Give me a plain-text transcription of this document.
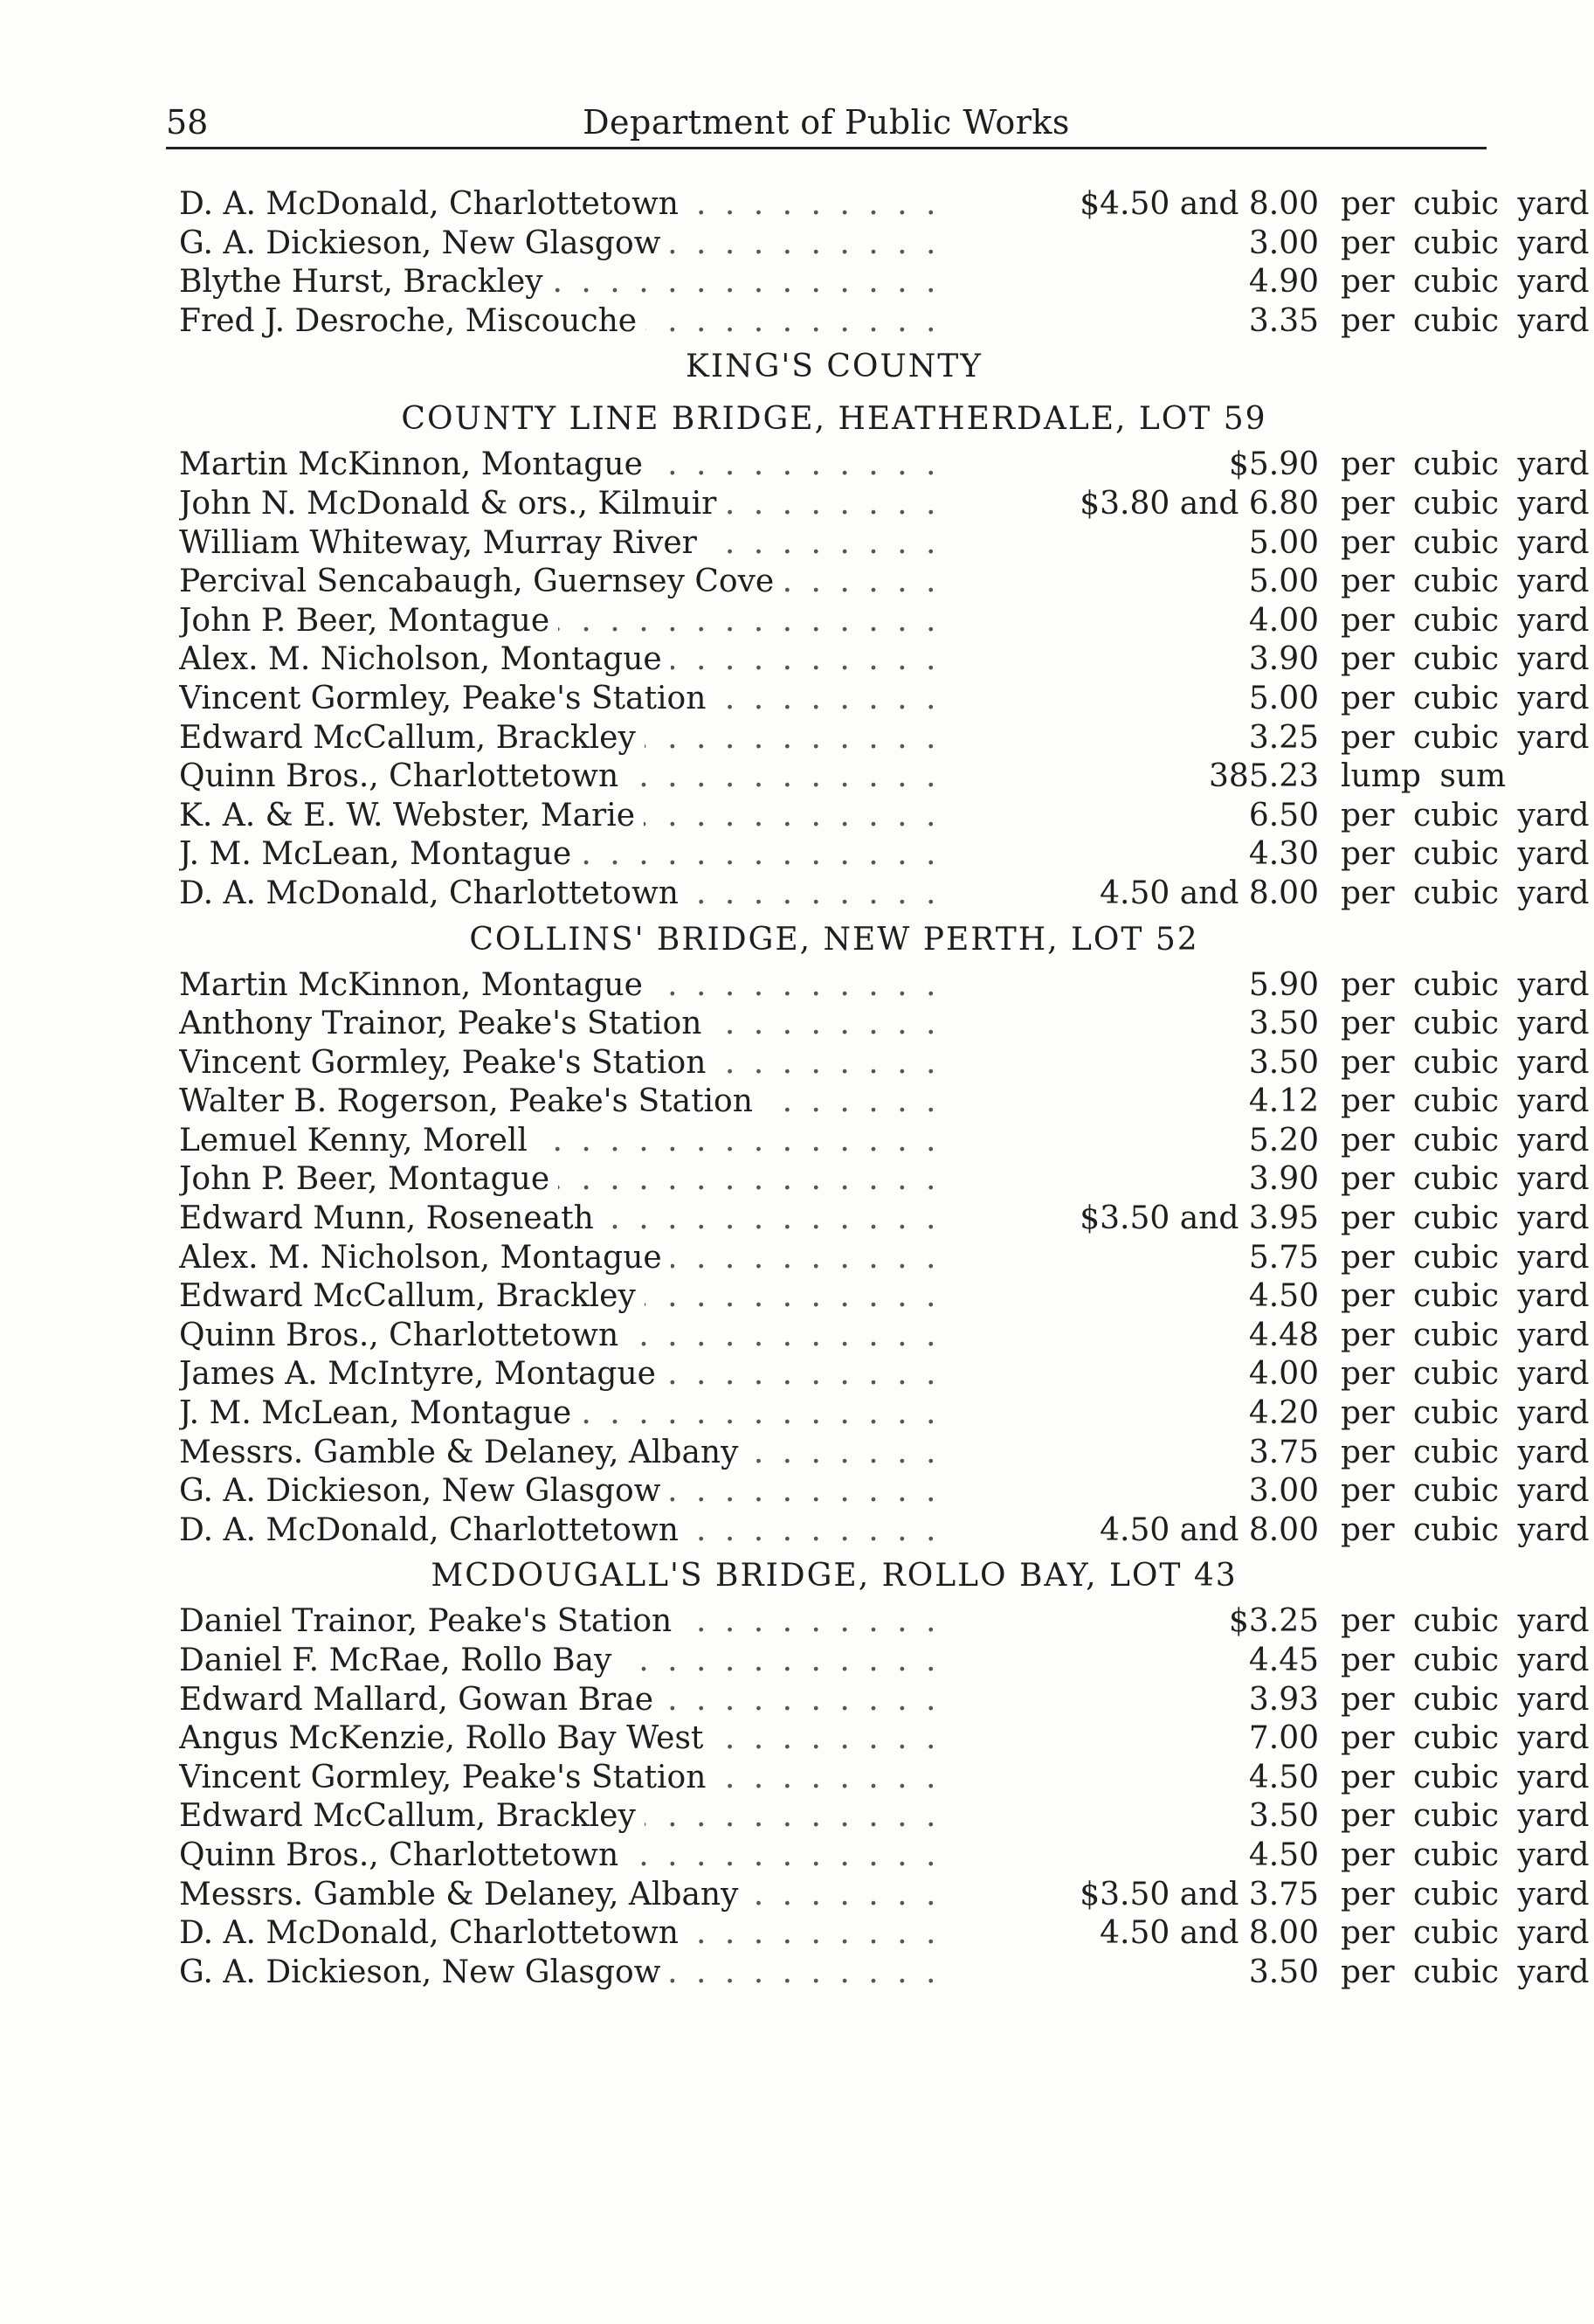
58	Department of Public Works
. . .
D. A. McDonald, Charlottetown	$4.50 and 8.00 per cubic yard
. . .
G. A. Dickieson, New Glasgow	3.00 per cubic yard
. . .
Blythe Hurst, Brackley	4.90 per cubic yard
. . .
Fred J. Desroche, Miscouche	3.35 per cubic yard
KING'S COUNTY
COUNTY LINE BRIDGE, HEATHERDALE, LOT 59
. . .
Martin McKinnon, Montague	$5.90 per cubic yard
. . .
John N. McDonald & ors., Kilmuir	$3.80 and 6.80 per cubic yard
. . .
William Whiteway, Murray River	5.00 per cubic yard
. . .
Percival Sencabaugh, Guernsey Cove	5.00 per cubic yard
. . .
John P. Beer, Montague	4.00 per cubic yard
. . .
Alex. M. Nicholson, Montague	3.90 per cubic yard
. . .
Vincent Gormley, Peake's Station	5.00 per cubic yard
. . .
Edward McCallum, Brackley	3.25 per cubic yard
. . .
Quinn Bros., Charlottetown	385.23 lump sum
. . .
K. A. & E. W. Webster, Marie	6.50 per cubic yard
. . .
J. M. McLean, Montague	4.30 per cubic yard
. . .
D. A. McDonald, Charlottetown	4.50 and 8.00 per cubic yard
COLLINS' BRIDGE, NEW PERTH, LOT 52
. . .
Martin McKinnon, Montague	5.90 per cubic yard
. . .
Anthony Trainor, Peake's Station	3.50 per cubic yard
. . .
Vincent Gormley, Peake's Station	3.50 per cubic yard
. . .
Walter B. Rogerson, Peake's Station	4.12 per cubic yard
. . .
Lemuel Kenny, Morell	5.20 per cubic yard
. . .
John P. Beer, Montague	3.90 per cubic yard
. . .
Edward Munn, Roseneath	$3.50 and 3.95 per cubic yard
. . .
Alex. M. Nicholson, Montague	5.75 per cubic yard
. . .
Edward McCallum, Brackley	4.50 per cubic yard
. . .
Quinn Bros., Charlottetown	4.48 per cubic yard
. . .
James A. McIntyre, Montague	4.00 per cubic yard
. . .
J. M. McLean, Montague	4.20 per cubic yard
. . .
Messrs. Gamble & Delaney, Albany	3.75 per cubic yard
. . .
G. A. Dickieson, New Glasgow	3.00 per cubic yard
. . .
D. A. McDonald, Charlottetown	4.50 and 8.00 per cubic yard
MCDOUGALL'S BRIDGE, ROLLO BAY, LOT 43
. . .
Daniel Trainor, Peake's Station	$3.25 per cubic yard
. . .
Daniel F. McRae, Rollo Bay	4.45 per cubic yard
. . .
Edward Mallard, Gowan Brae	3.93 per cubic yard
. . .
Angus McKenzie, Rollo Bay West	7.00 per cubic yard
. . .
Vincent Gormley, Peake's Station	4.50 per cubic yard
. . .
Edward McCallum, Brackley	3.50 per cubic yard
. . .
Quinn Bros., Charlottetown	4.50 per cubic yard
. . .
Messrs. Gamble & Delaney, Albany	$3.50 and 3.75 per cubic yard
. . .
D. A. McDonald, Charlottetown	4.50 and 8.00 per cubic yard
. . .
G. A. Dickieson, New Glasgow	3.50 per cubic yard
